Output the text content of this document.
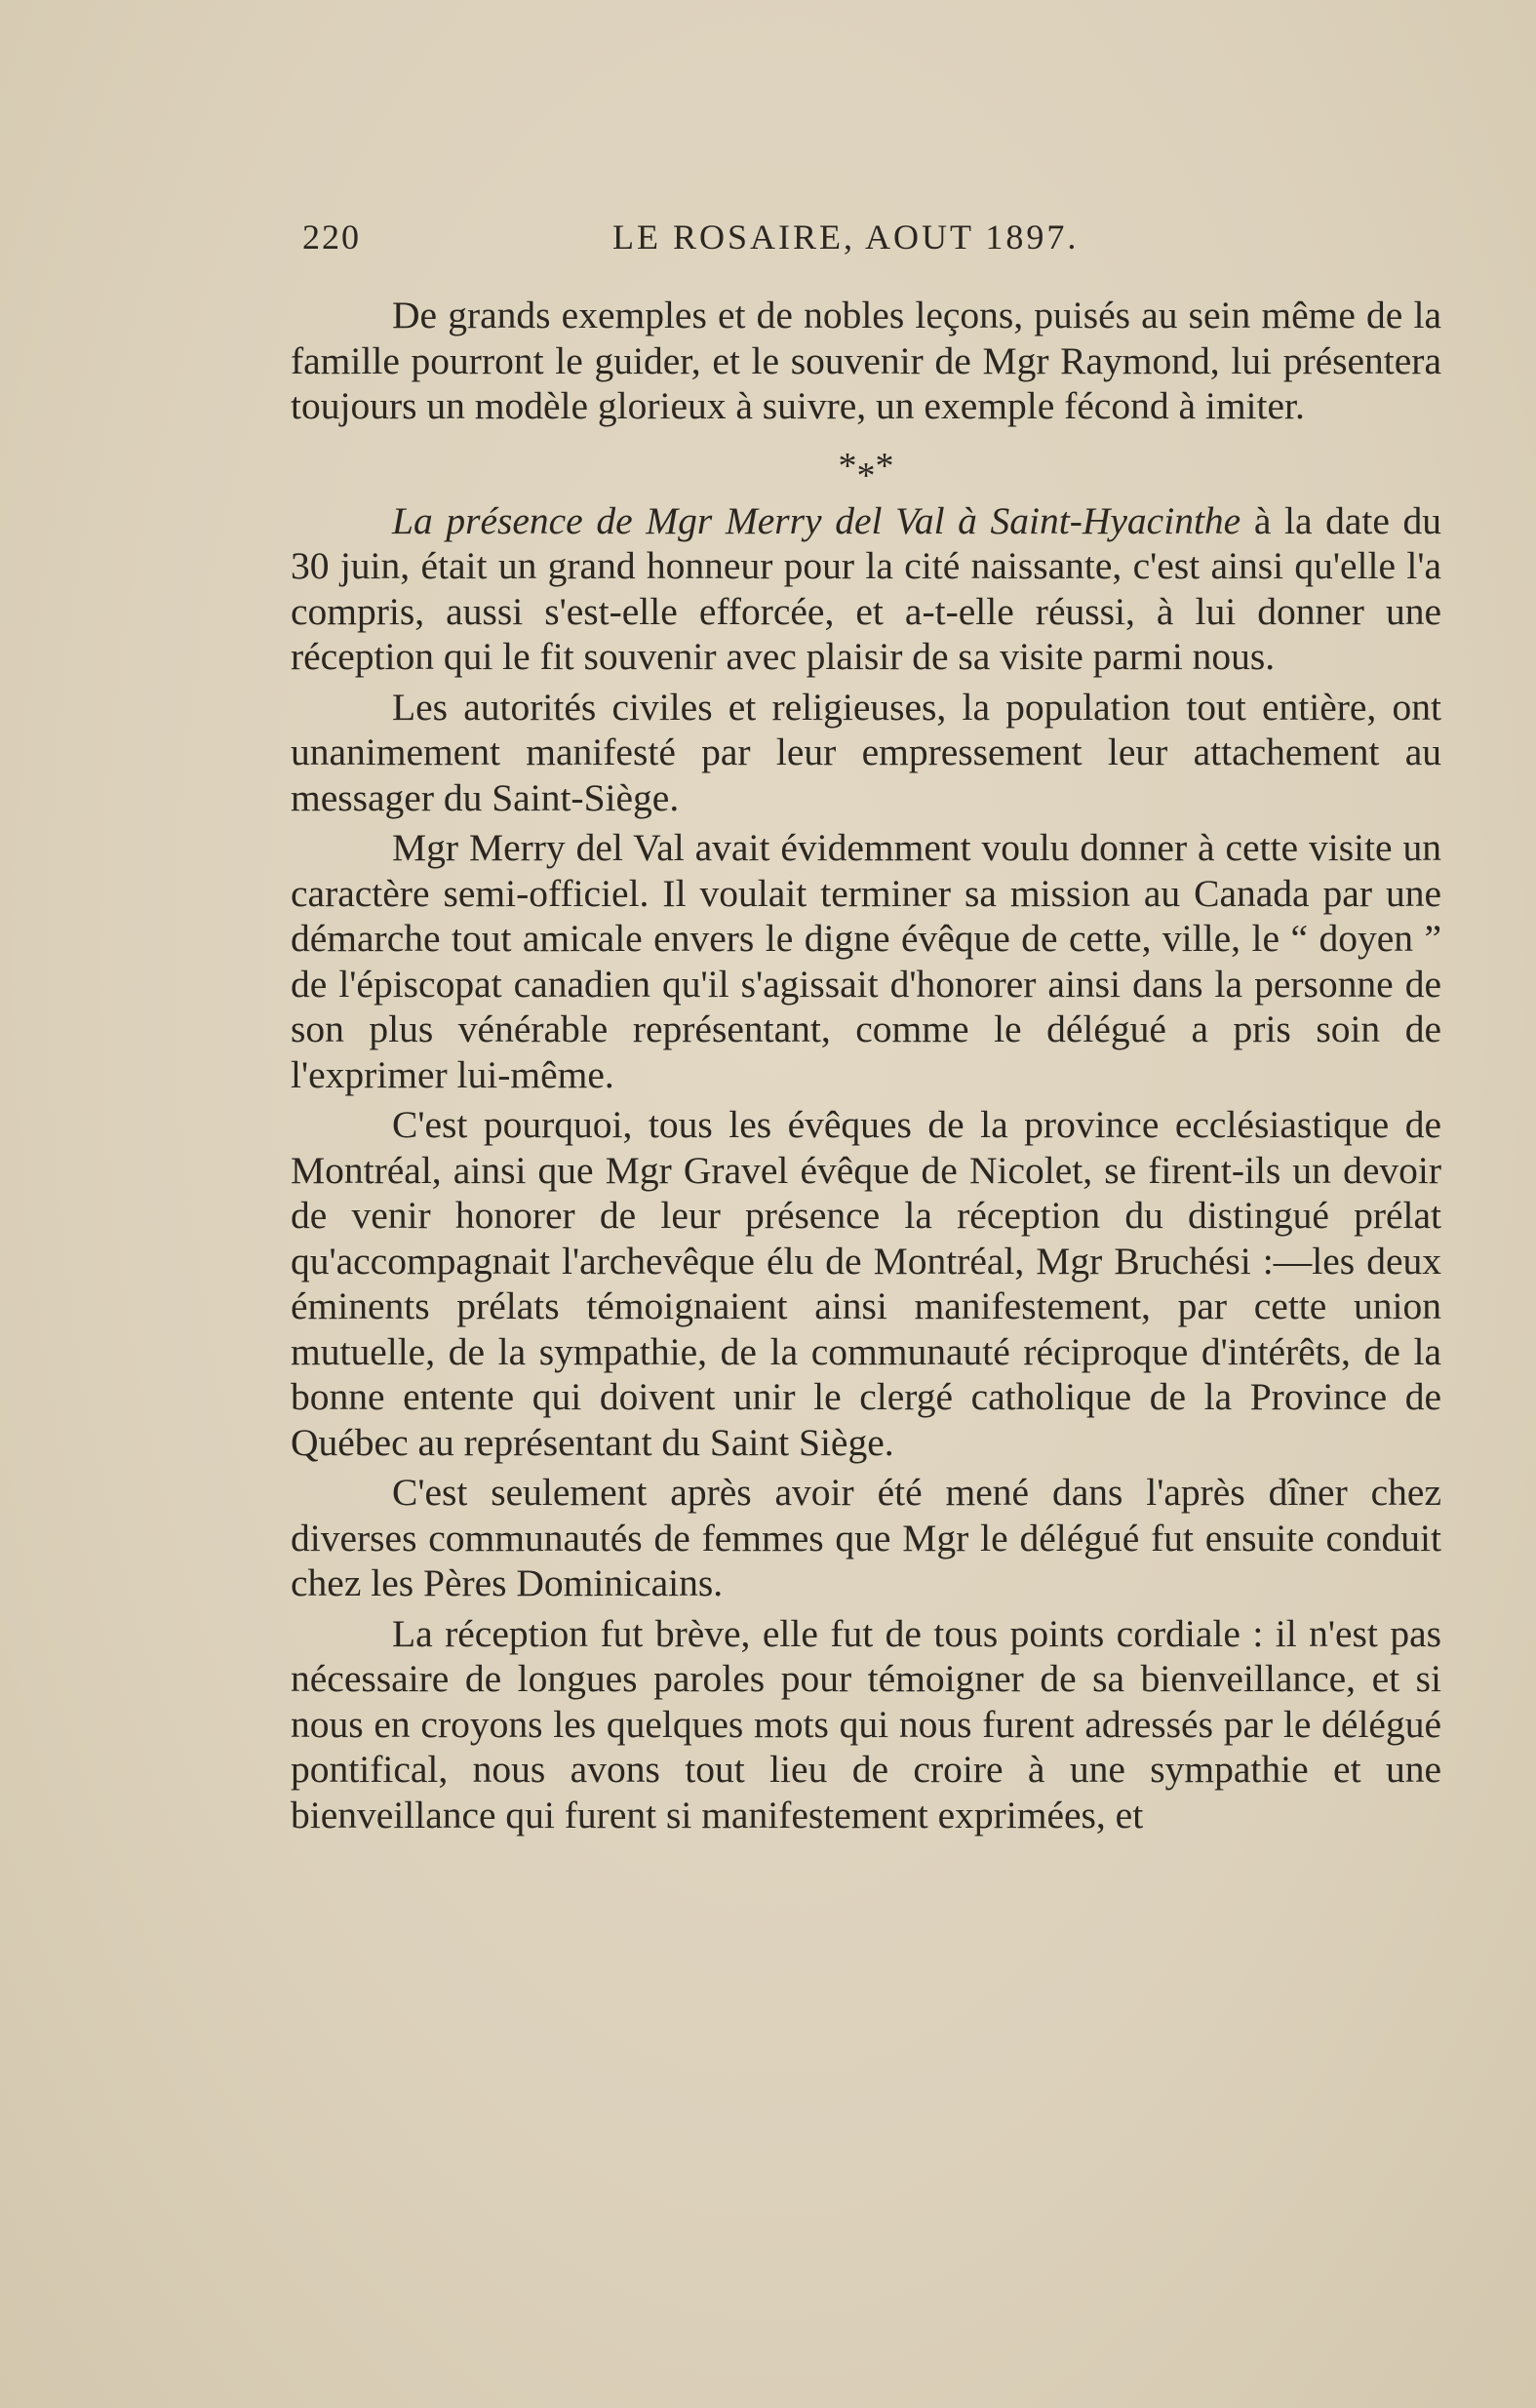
220	LE ROSAIRE, AOUT 1897.

De grands exemples et de nobles leçons, puisés au sein même de la famille pourront le guider, et le souvenir de Mgr Raymond, lui présentera toujours un modèle glorieux à suivre, un exemple fécond à imiter.

***

La présence de Mgr Merry del Val à Saint-Hyacinthe à la date du 30 juin, était un grand honneur pour la cité naissante, c'est ainsi qu'elle l'a compris, aussi s'est-elle efforcée, et a-t-elle réussi, à lui donner une réception qui le fit souvenir avec plaisir de sa visite parmi nous.

Les autorités civiles et religieuses, la population tout entière, ont unanimement manifesté par leur empressement leur attachement au messager du Saint-Siège.

Mgr Merry del Val avait évidemment voulu donner à cette visite un caractère semi-officiel. Il voulait terminer sa mission au Canada par une démarche tout amicale envers le digne évêque de cette, ville, le “ doyen ” de l'épiscopat canadien qu'il s'agissait d'honorer ainsi dans la personne de son plus vénérable représentant, comme le délégué a pris soin de l'exprimer lui-même.

C'est pourquoi, tous les évêques de la province ecclésiastique de Montréal, ainsi que Mgr Gravel évêque de Nicolet, se firent-ils un devoir de venir honorer de leur présence la réception du distingué prélat qu'accompagnait l'archevêque élu de Montréal, Mgr Bruchési :—les deux éminents prélats témoignaient ainsi manifestement, par cette union mutuelle, de la sympathie, de la communauté réciproque d'intérêts, de la bonne entente qui doivent unir le clergé catholique de la Province de Québec au représentant du Saint Siège.

C'est seulement après avoir été mené dans l'après dîner chez diverses communautés de femmes que Mgr le délégué fut ensuite conduit chez les Pères Dominicains.

La réception fut brève, elle fut de tous points cordiale : il n'est pas nécessaire de longues paroles pour témoigner de sa bienveillance, et si nous en croyons les quelques mots qui nous furent adressés par le délégué pontifical, nous avons tout lieu de croire à une sympathie et une bienveillance qui furent si manifestement exprimées, et
